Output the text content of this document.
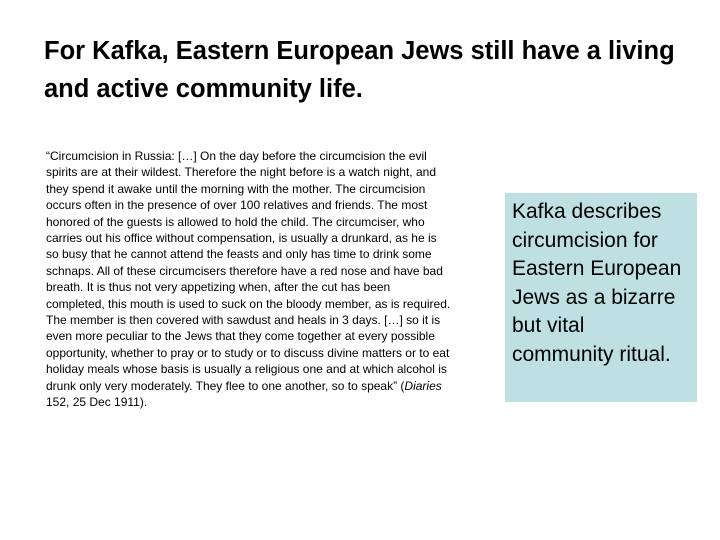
For Kafka, Eastern European Jews still have a living and active community life.

“Circumcision in Russia: […] On the day before the circumcision the evil spirits are at their wildest. Therefore the night before is a watch night, and they spend it awake until the morning with the mother. The circumcision occurs often in the presence of over 100 relatives and friends. The most honored of the guests is allowed to hold the child. The circumciser, who carries out his office without compensation, is usually a drunkard, as he is so busy that he cannot attend the feasts and only has time to drink some schnaps. All of these circumcisers therefore have a red nose and have bad breath. It is thus not very appetizing when, after the cut has been completed, this mouth is used to suck on the bloody member, as is required. The member is then covered with sawdust and heals in 3 days. […] so it is even more peculiar to the Jews that they come together at every possible opportunity, whether to pray or to study or to discuss divine matters or to eat holiday meals whose basis is usually a religious one and at which alcohol is drunk only very moderately. They flee to one another, so to speak” (Diaries 152, 25 Dec 1911).

Kafka describes circumcision for Eastern European Jews as a bizarre but vital community ritual.
